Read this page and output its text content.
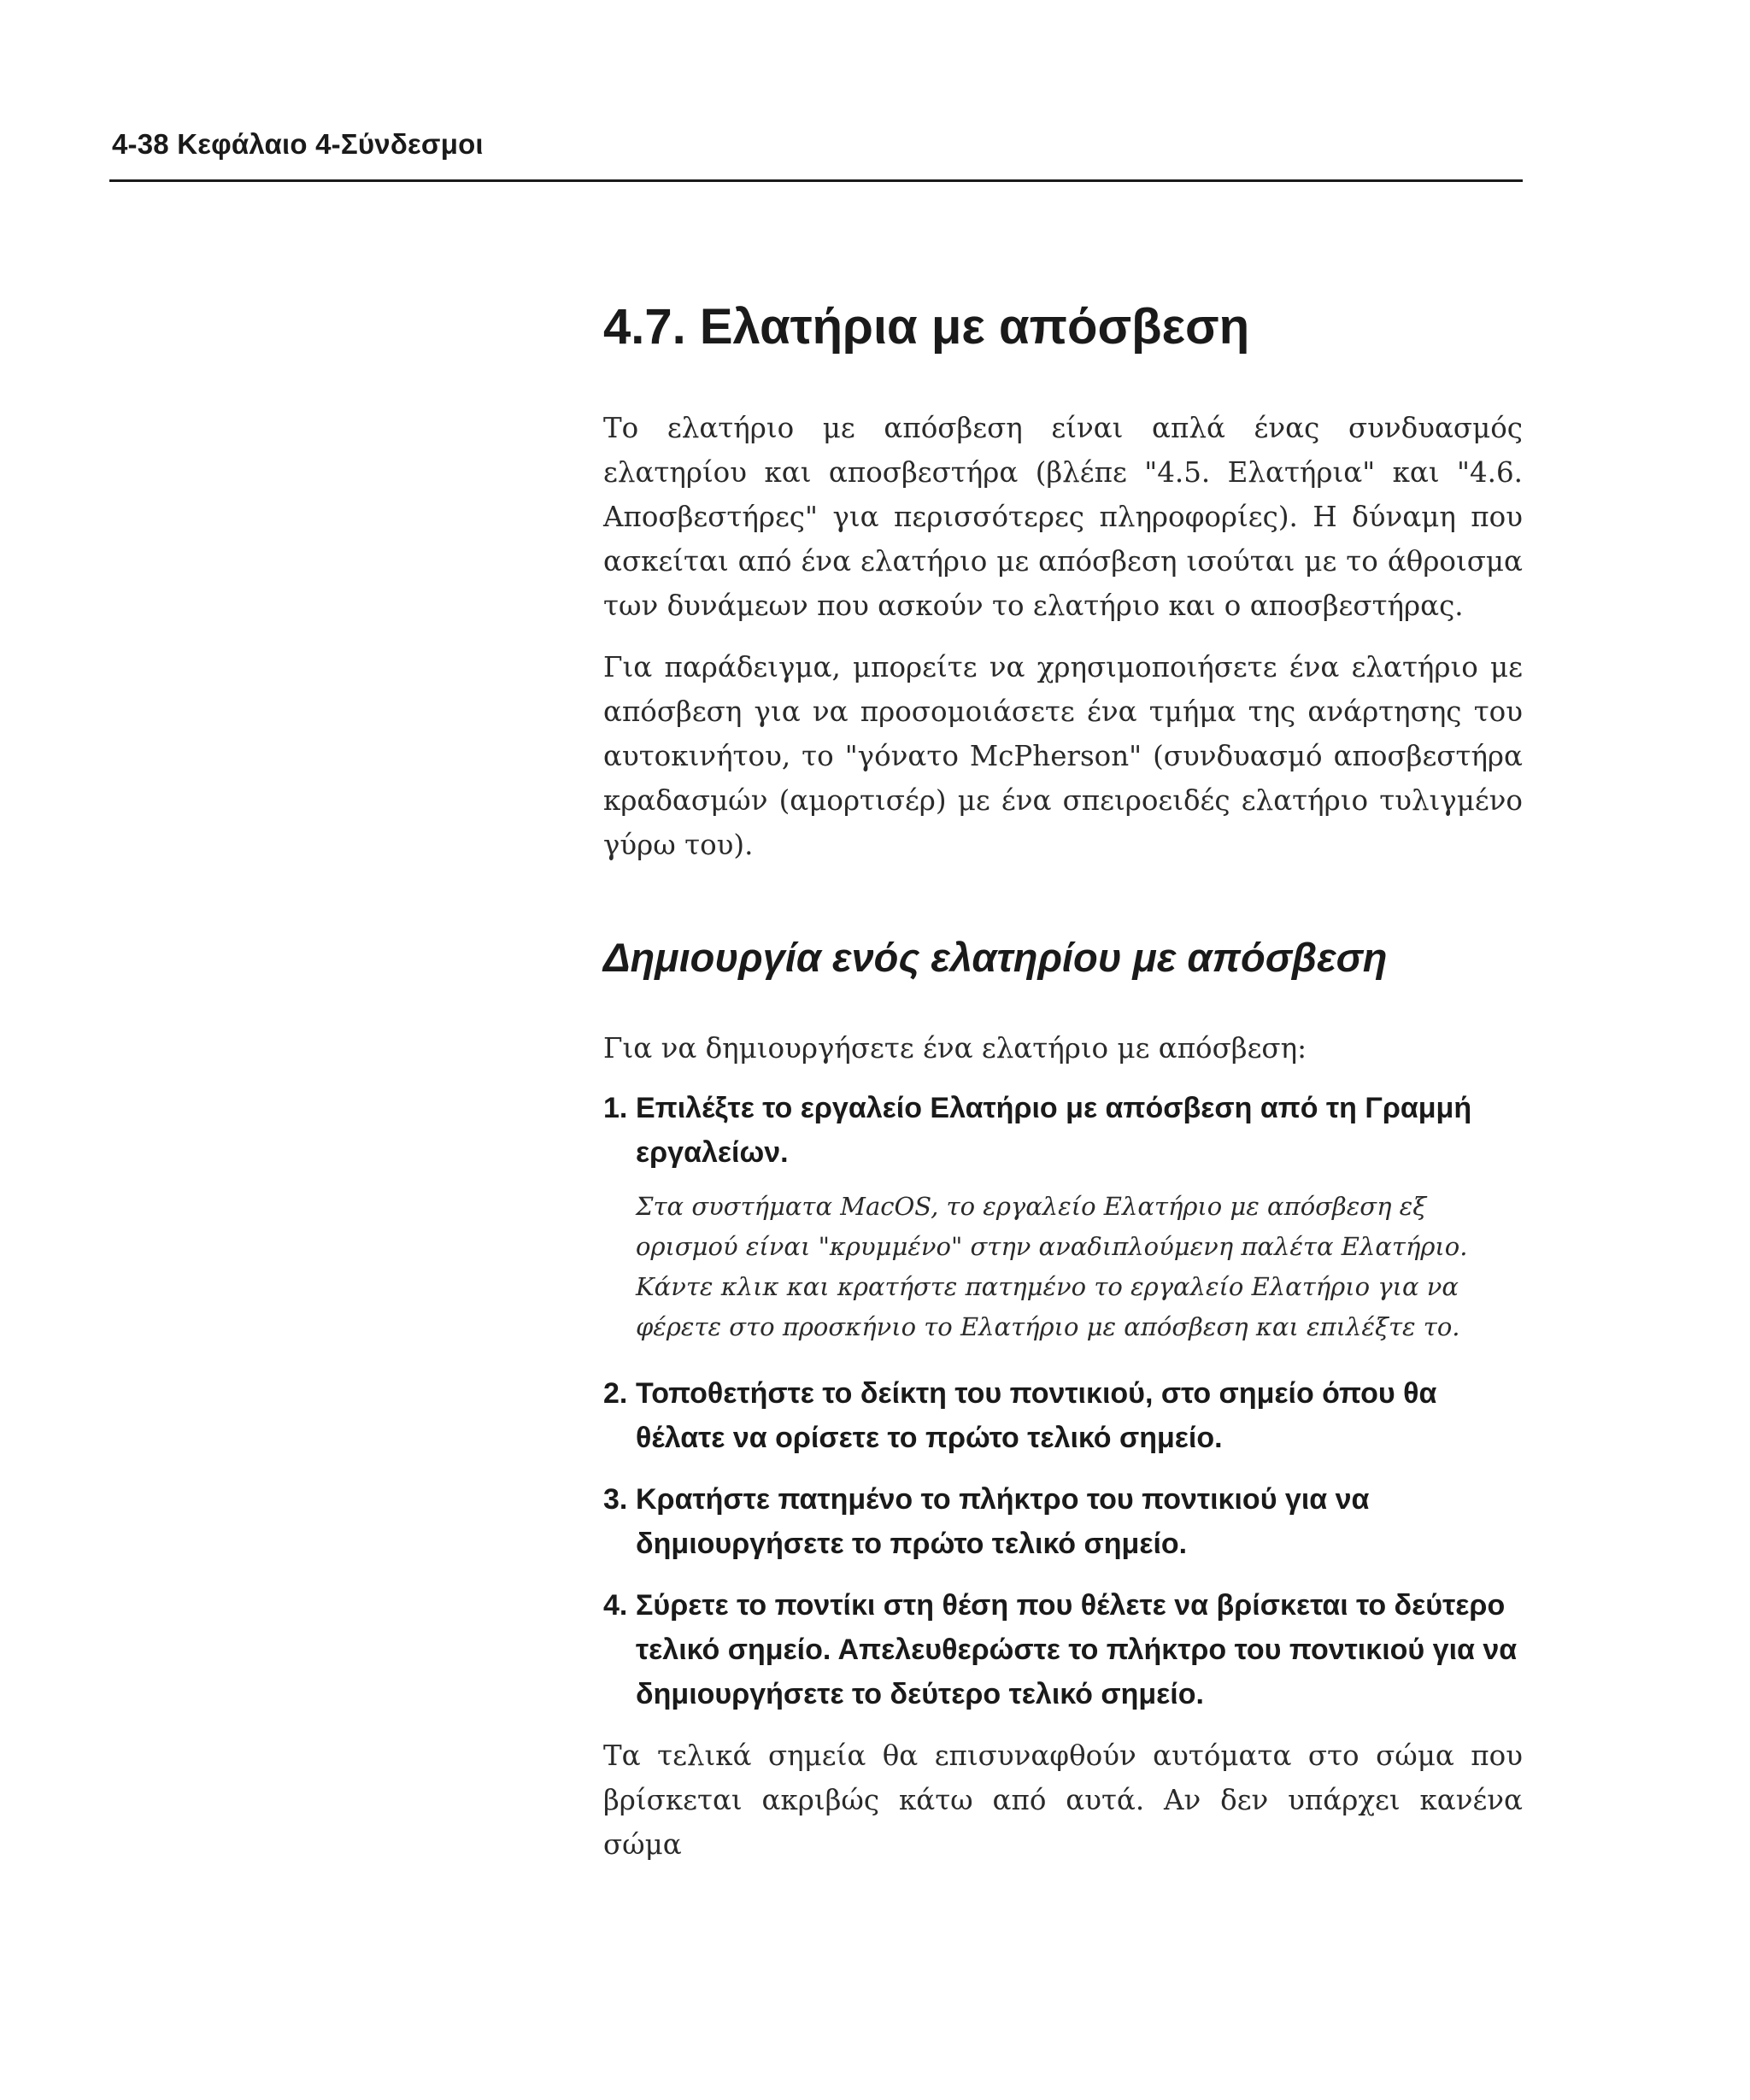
4-38 Κεφάλαιο 4-Σύνδεσμοι
4.7. Ελατήρια με απόσβεση

Το ελατήριο με απόσβεση είναι απλά ένας συνδυασμός ελατηρίου και αποσβεστήρα (βλέπε "4.5. Ελατήρια" και "4.6. Αποσβεστήρες" για περισσότερες πληροφορίες). Η δύναμη που ασκείται από ένα ελατήριο με απόσβεση ισούται με το άθροισμα των δυνάμεων που ασκούν το ελατήριο και ο αποσβεστήρας.

Για παράδειγμα, μπορείτε να χρησιμοποιήσετε ένα ελατήριο με απόσβεση για να προσομοιάσετε ένα τμήμα της ανάρτησης του αυτοκινήτου, το "γόνατο McPherson" (συνδυασμό αποσβεστήρα κραδασμών (αμορτισέρ) με ένα σπειροειδές ελατήριο τυλιγμένο γύρω του).

Δημιουργία ενός ελατηρίου με απόσβεση

Για να δημιουργήσετε ένα ελατήριο με απόσβεση:

1. Επιλέξτε το εργαλείο Ελατήριο με απόσβεση από τη Γραμμή εργαλείων.

Στα συστήματα MacOS, το εργαλείο Ελατήριο με απόσβεση εξ ορισμού είναι "κρυμμένο" στην αναδιπλούμενη παλέτα Ελατήριο. Κάντε κλικ και κρατήστε πατημένο το εργαλείο Ελατήριο για να φέρετε στο προσκήνιο το Ελατήριο με απόσβεση και επιλέξτε το.

2. Τοποθετήστε το δείκτη του ποντικιού, στο σημείο όπου θα θέλατε να ορίσετε το πρώτο τελικό σημείο.

3. Κρατήστε πατημένο το πλήκτρο του ποντικιού για να δημιουργήσετε το πρώτο τελικό σημείο.

4. Σύρετε το ποντίκι στη θέση που θέλετε να βρίσκεται το δεύτερο τελικό σημείο. Απελευθερώστε το πλήκτρο του ποντικιού για να δημιουργήσετε το δεύτερο τελικό σημείο.

Τα τελικά σημεία θα επισυναφθούν αυτόματα στο σώμα που βρίσκεται ακριβώς κάτω από αυτά. Αν δεν υπάρχει κανένα σώμα
